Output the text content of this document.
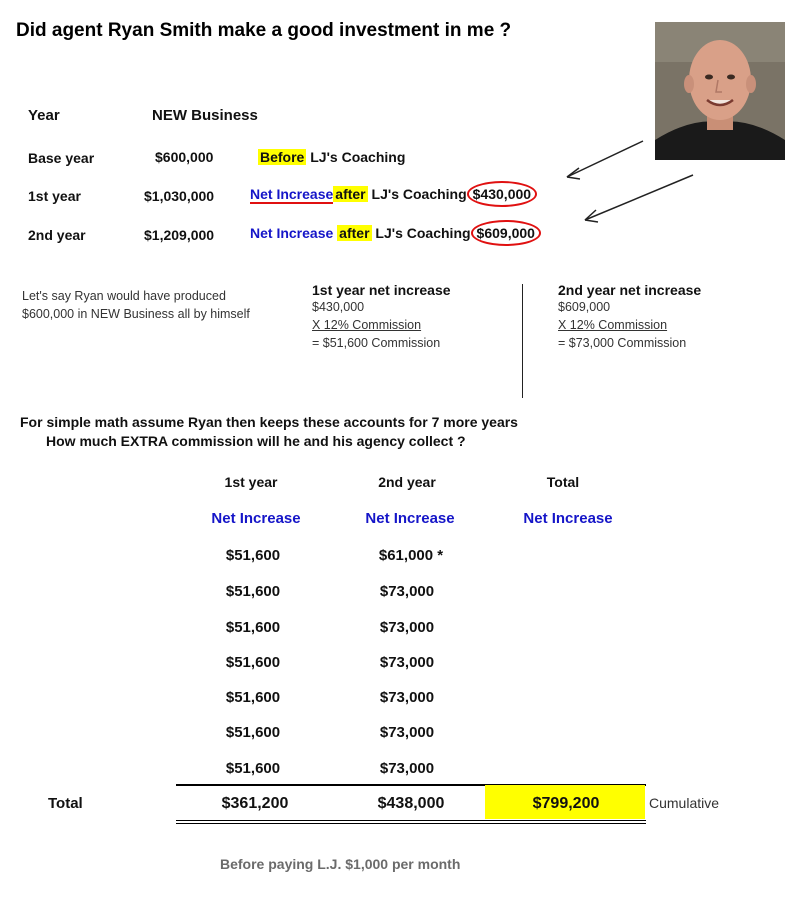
Did agent Ryan Smith make a good investment in me ?
Year	NEW Business
Base year	$600,000	Before LJ's Coaching
1st year	$1,030,000	Net Increase after LJ's Coaching $430,000
2nd year	$1,209,000	Net Increase after LJ's Coaching $609,000
Let's say Ryan would have produced
$600,000 in NEW Business all by himself
1st year net increase
$430,000
X 12% Commission
= $51,600 Commission
2nd year net increase
$609,000
X 12% Commission
= $73,000 Commission
For simple math assume Ryan then keeps these accounts for 7 more years
How much EXTRA commission will he and his agency collect ?
1st year	2nd year	Total
Net Increase	Net Increase	Net Increase
$51,600	$61,000 *
$51,600	$73,000
$51,600	$73,000
$51,600	$73,000
$51,600	$73,000
$51,600	$73,000
$51,600	$73,000
Total	$361,200	$438,000	$799,200	Cumulative
Before paying L.J. $1,000 per month
